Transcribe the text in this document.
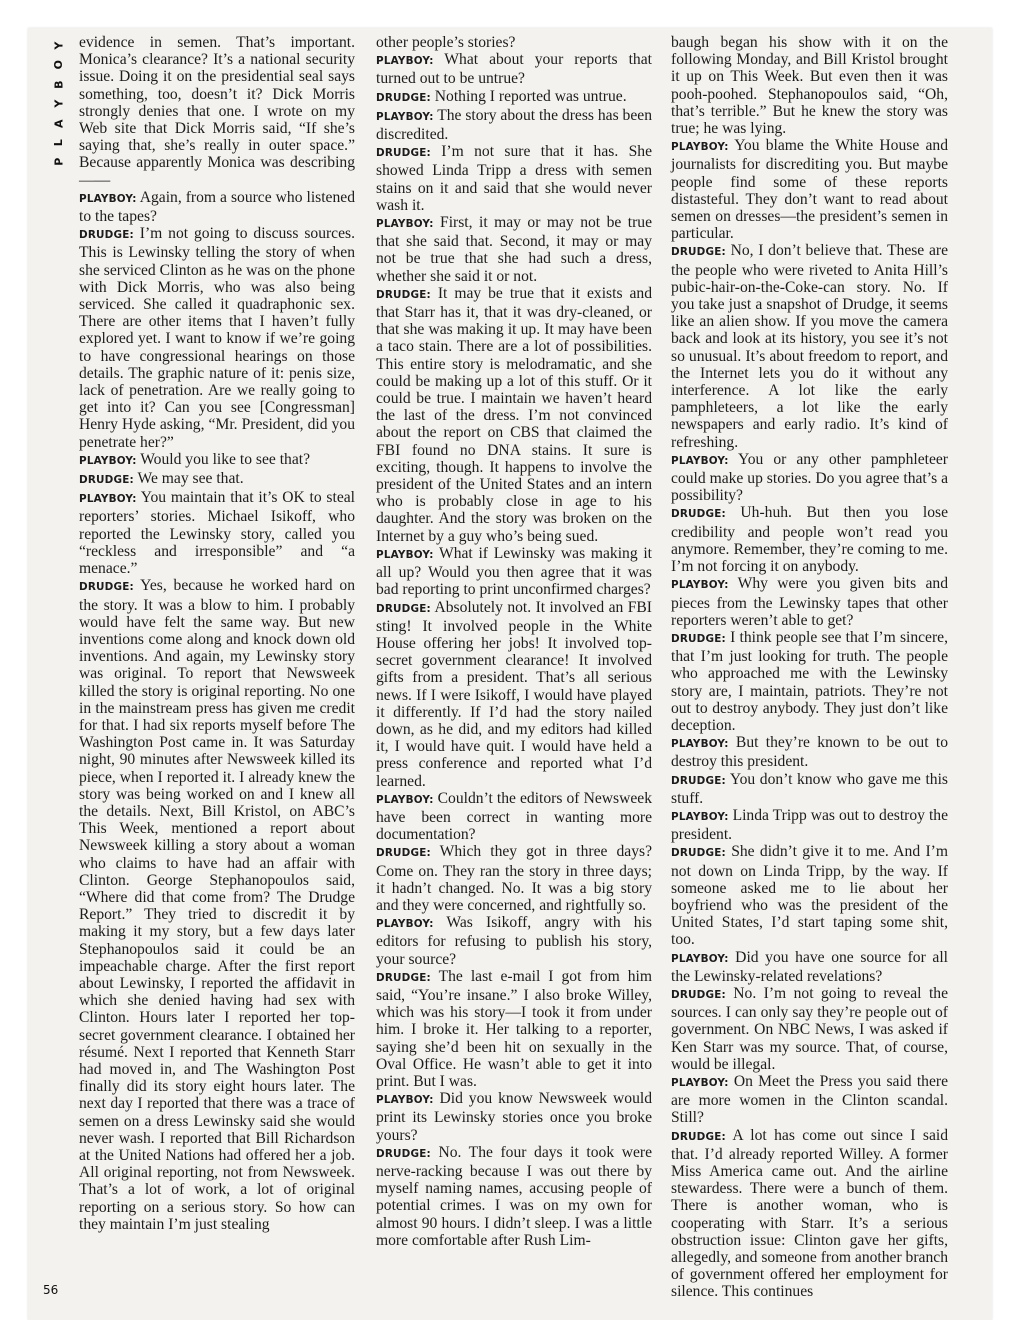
Y
O
B
Y
A
L
P
56

evidence in semen. That’s important. Monica’s clearance? It’s a national security issue. Doing it on the presidential seal says something, too, doesn’t it? Dick Morris strongly denies that one. I wrote on my Web site that Dick Morris said, “If she’s saying that, she’s really in outer space.” Because apparently Monica was describing——

PLAYBOY: Again, from a source who listened to the tapes?

DRUDGE: I’m not going to discuss sources. This is Lewinsky telling the story of when she serviced Clinton as he was on the phone with Dick Morris, who was also being serviced. She called it quadraphonic sex. There are other items that I haven’t fully explored yet. I want to know if we’re going to have congressional hearings on those details. The graphic nature of it: penis size, lack of penetration. Are we really going to get into it? Can you see [Congressman] Henry Hyde asking, “Mr. President, did you penetrate her?”

PLAYBOY: Would you like to see that?

DRUDGE: We may see that.

PLAYBOY: You maintain that it’s OK to steal reporters’ stories. Michael Isikoff, who reported the Lewinsky story, called you “reckless and irresponsible” and “a menace.”

DRUDGE: Yes, because he worked hard on the story. It was a blow to him. I probably would have felt the same way. But new inventions come along and knock down old inventions. And again, my Lewinsky story was original. To report that Newsweek killed the story is original reporting. No one in the mainstream press has given me credit for that. I had six reports myself before The Washington Post came in. It was Saturday night, 90 minutes after Newsweek killed its piece, when I reported it. I already knew the story was being worked on and I knew all the details. Next, Bill Kristol, on ABC’s This Week, mentioned a report about Newsweek killing a story about a woman who claims to have had an affair with Clinton. George Stephanopoulos said, “Where did that come from? The Drudge Report.” They tried to discredit it by making it my story, but a few days later Stephanopoulos said it could be an impeachable charge. After the first report about Lewinsky, I reported the affidavit in which she denied having had sex with Clinton. Hours later I reported her top-secret government clearance. I obtained her résumé. Next I reported that Kenneth Starr had moved in, and The Washington Post finally did its story eight hours later. The next day I reported that there was a trace of semen on a dress Lewinsky said she would never wash. I reported that Bill Richardson at the United Nations had offered her a job. All original reporting, not from Newsweek. That’s a lot of work, a lot of original reporting on a serious story. So how can they maintain I’m just stealing

other people’s stories?

PLAYBOY: What about your reports that turned out to be untrue?

DRUDGE: Nothing I reported was untrue.

PLAYBOY: The story about the dress has been discredited.

DRUDGE: I’m not sure that it has. She showed Linda Tripp a dress with semen stains on it and said that she would never wash it.

PLAYBOY: First, it may or may not be true that she said that. Second, it may or may not be true that she had such a dress, whether she said it or not.

DRUDGE: It may be true that it exists and that Starr has it, that it was dry-cleaned, or that she was making it up. It may have been a taco stain. There are a lot of possibilities. This entire story is melodramatic, and she could be making up a lot of this stuff. Or it could be true. I maintain we haven’t heard the last of the dress. I’m not convinced about the report on CBS that claimed the FBI found no DNA stains. It sure is exciting, though. It happens to involve the president of the United States and an intern who is probably close in age to his daughter. And the story was broken on the Internet by a guy who’s being sued.

PLAYBOY: What if Lewinsky was making it all up? Would you then agree that it was bad reporting to print unconfirmed charges?

DRUDGE: Absolutely not. It involved an FBI sting! It involved people in the White House offering her jobs! It involved top-secret government clearance! It involved gifts from a president. That’s all serious news. If I were Isikoff, I would have played it differently. If I’d had the story nailed down, as he did, and my editors had killed it, I would have quit. I would have held a press conference and reported what I’d learned.

PLAYBOY: Couldn’t the editors of Newsweek have been correct in wanting more documentation?

DRUDGE: Which they got in three days? Come on. They ran the story in three days; it hadn’t changed. No. It was a big story and they were concerned, and rightfully so.

PLAYBOY: Was Isikoff, angry with his editors for refusing to publish his story, your source?

DRUDGE: The last e-mail I got from him said, “You’re insane.” I also broke Willey, which was his story—I took it from under him. I broke it. Her talking to a reporter, saying she’d been hit on sexually in the Oval Office. He wasn’t able to get it into print. But I was.

PLAYBOY: Did you know Newsweek would print its Lewinsky stories once you broke yours?

DRUDGE: No. The four days it took were nerve-racking because I was out there by myself naming names, accusing people of potential crimes. I was on my own for almost 90 hours. I didn’t sleep. I was a little more comfortable after Rush Lim-

baugh began his show with it on the following Monday, and Bill Kristol brought it up on This Week. But even then it was pooh-poohed. Stephanopoulos said, “Oh, that’s terrible.” But he knew the story was true; he was lying.

PLAYBOY: You blame the White House and journalists for discrediting you. But maybe people find some of these reports distasteful. They don’t want to read about semen on dresses—the president’s semen in particular.

DRUDGE: No, I don’t believe that. These are the people who were riveted to Anita Hill’s pubic-hair-on-the-Coke-can story. No. If you take just a snapshot of Drudge, it seems like an alien show. If you move the camera back and look at its history, you see it’s not so unusual. It’s about freedom to report, and the Internet lets you do it without any interference. A lot like the early pamphleteers, a lot like the early newspapers and early radio. It’s kind of refreshing.

PLAYBOY: You or any other pamphleteer could make up stories. Do you agree that’s a possibility?

DRUDGE: Uh-huh. But then you lose credibility and people won’t read you anymore. Remember, they’re coming to me. I’m not forcing it on anybody.

PLAYBOY: Why were you given bits and pieces from the Lewinsky tapes that other reporters weren’t able to get?

DRUDGE: I think people see that I’m sincere, that I’m just looking for truth. The people who approached me with the Lewinsky story are, I maintain, patriots. They’re not out to destroy anybody. They just don’t like deception.

PLAYBOY: But they’re known to be out to destroy this president.

DRUDGE: You don’t know who gave me this stuff.

PLAYBOY: Linda Tripp was out to destroy the president.

DRUDGE: She didn’t give it to me. And I’m not down on Linda Tripp, by the way. If someone asked me to lie about her boyfriend who was the president of the United States, I’d start taping some shit, too.

PLAYBOY: Did you have one source for all the Lewinsky-related revelations?

DRUDGE: No. I’m not going to reveal the sources. I can only say they’re people out of government. On NBC News, I was asked if Ken Starr was my source. That, of course, would be illegal.

PLAYBOY: On Meet the Press you said there are more women in the Clinton scandal. Still?

DRUDGE: A lot has come out since I said that. I’d already reported Willey. A former Miss America came out. And the airline stewardess. There were a bunch of them. There is another woman, who is cooperating with Starr. It’s a serious obstruction issue: Clinton gave her gifts, allegedly, and someone from another branch of government offered her employment for silence. This continues
